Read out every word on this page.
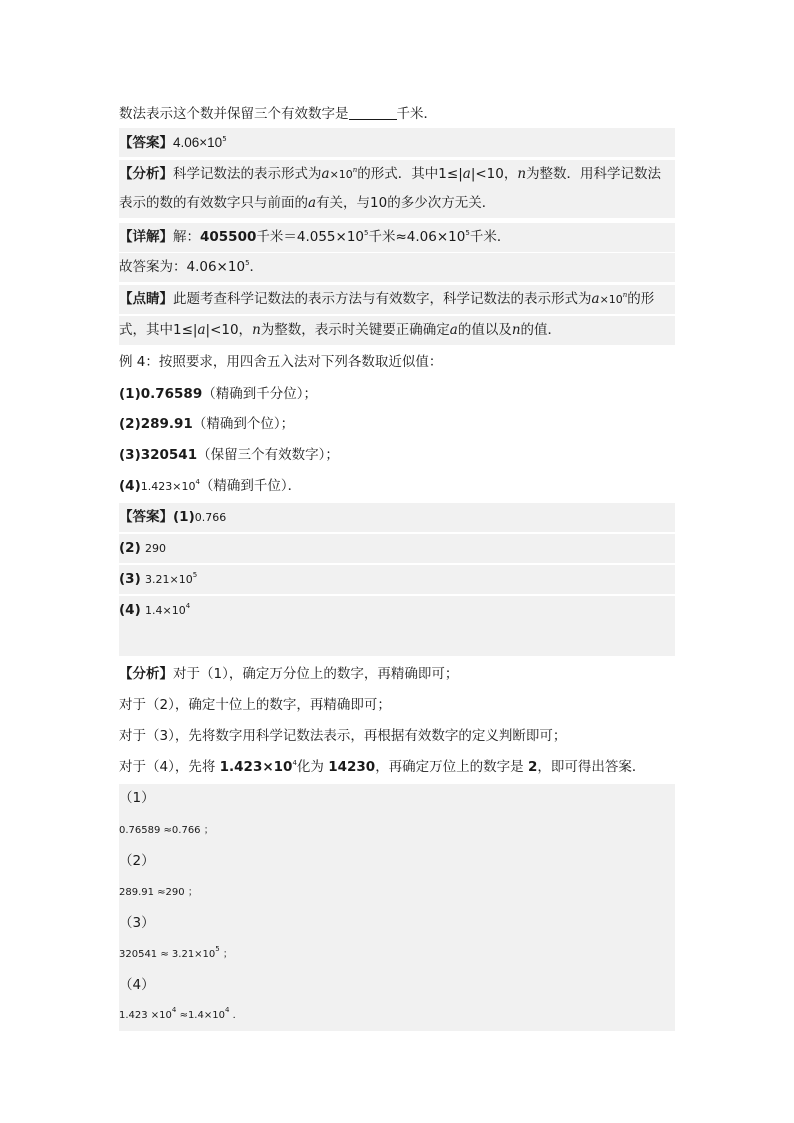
数法表示这个数并保留三个有效数字是	千米．
【答案】$4.06\times 10^5$
【分析】科学记数法的表示形式为$a\times 10^n$的形式．其中1≤|a|<10，n为整数．用科学记数法
表示的数的有效数字只与前面的a有关，与10的多少次方无关．
【详解】解：405500千米$=4.055\times 10^5$千米$\approx 4.06\times 10^5$千米．
故答案为：$4.06\times 10^5$．
【点睛】此题考查科学记数法的表示方法与有效数字，科学记数法的表示形式为$a\times 10^n$的形
式，其中1≤|a|<10，n为整数，表示时关键要正确确定a的值以及n的值．
例 4：按照要求，用四舍五入法对下列各数取近似值：
(1)0.76589（精确到千分位）；
(2)289.91（精确到个位）；
(3)320541（保留三个有效数字）；
$(4)1.423\times 10^4$（精确到千位）．
【答案】(1)0.766
(2) 290
(3) $3.21\times 10^5$
(4) $1.4\times 10^4$
【分析】对于（1），确定万分位上的数字，再精确即可；
对于（2），确定十位上的数字，再精确即可；
对于（3），先将数字用科学记数法表示，再根据有效数字的定义判断即可；
对于（4），先将 $1.423\times 10^4$化为 14230，再确定万位上的数字是 2，即可得出答案．
（1）
0.76589 ≈0.766 ；
（2）
289.91 ≈290 ；
（3）
$320541 \approx 3.21\times 10^5$ ；
（4）
$1.423 \times 10^4 \approx 1.4\times 10^4$ ．
